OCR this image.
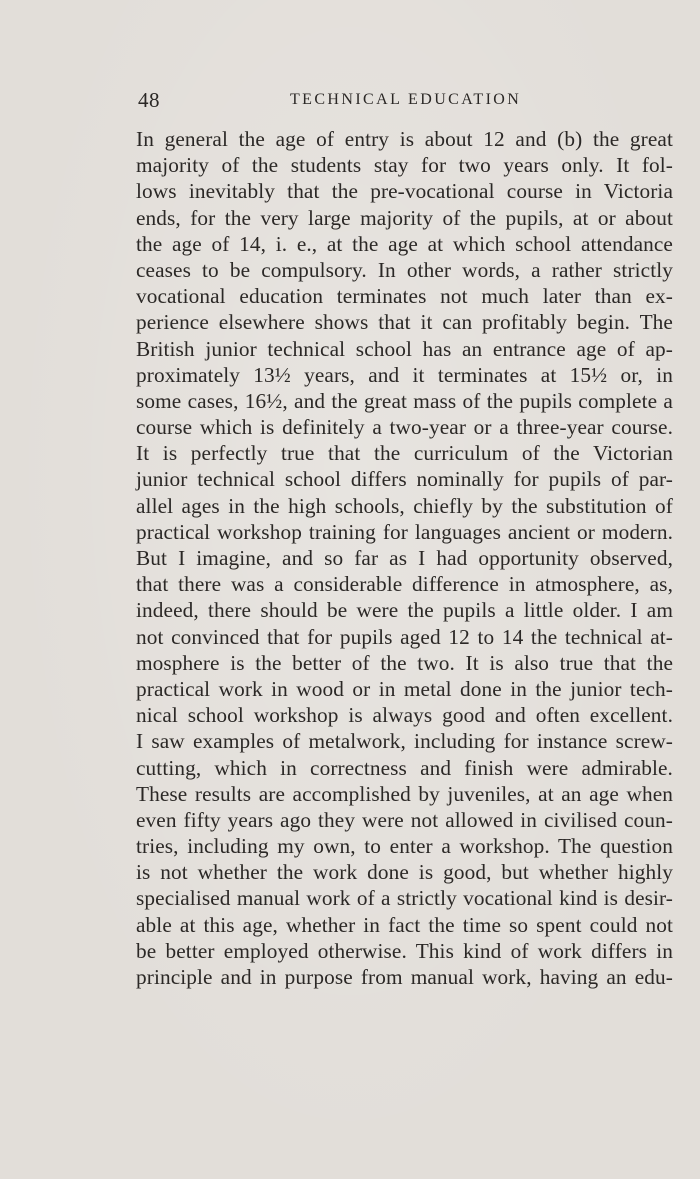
48	TECHNICAL EDUCATION
In general the age of entry is about 12 and (b) the great
majority of the students stay for two years only. It fol-
lows inevitably that the pre-vocational course in Victoria
ends, for the very large majority of the pupils, at or about
the age of 14, i. e., at the age at which school attendance
ceases to be compulsory. In other words, a rather strictly
vocational education terminates not much later than ex-
perience elsewhere shows that it can profitably begin. The
British junior technical school has an entrance age of ap-
proximately 13½ years, and it terminates at 15½ or, in
some cases, 16½, and the great mass of the pupils complete a
course which is definitely a two-year or a three-year course.
It is perfectly true that the curriculum of the Victorian
junior technical school differs nominally for pupils of par-
allel ages in the high schools, chiefly by the substitution of
practical workshop training for languages ancient or modern.
But I imagine, and so far as I had opportunity observed,
that there was a considerable difference in atmosphere, as,
indeed, there should be were the pupils a little older. I am
not convinced that for pupils aged 12 to 14 the technical at-
mosphere is the better of the two. It is also true that the
practical work in wood or in metal done in the junior tech-
nical school workshop is always good and often excellent.
I saw examples of metalwork, including for instance screw-
cutting, which in correctness and finish were admirable.
These results are accomplished by juveniles, at an age when
even fifty years ago they were not allowed in civilised coun-
tries, including my own, to enter a workshop. The question
is not whether the work done is good, but whether highly
specialised manual work of a strictly vocational kind is desir-
able at this age, whether in fact the time so spent could not
be better employed otherwise. This kind of work differs in
principle and in purpose from manual work, having an edu-
